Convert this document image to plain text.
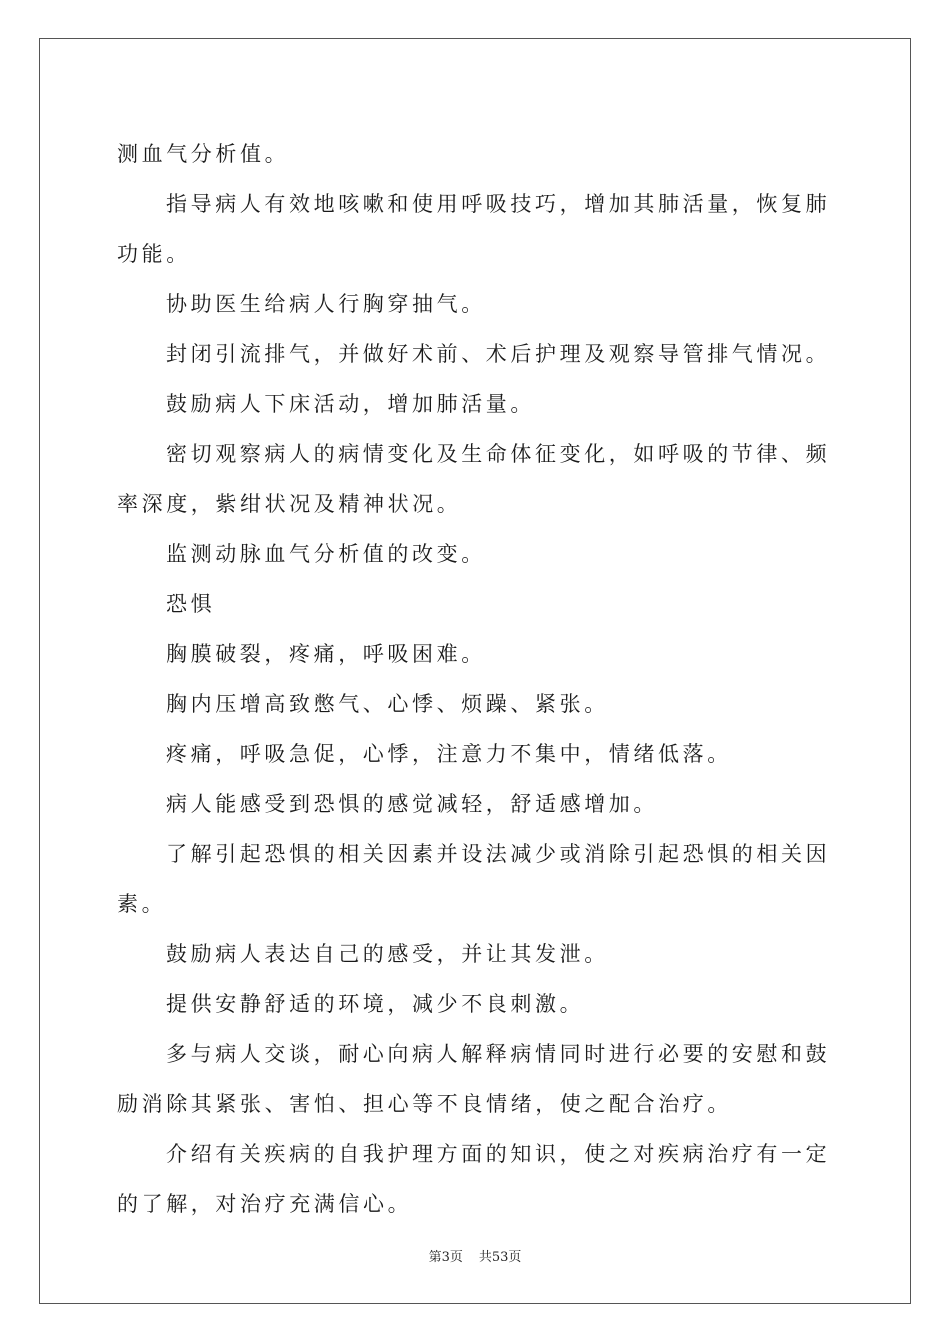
测血气分析值。

指导病人有效地咳嗽和使用呼吸技巧，增加其肺活量，恢复肺功能。

协助医生给病人行胸穿抽气。

封闭引流排气，并做好术前、术后护理及观察导管排气情况。

鼓励病人下床活动，增加肺活量。

密切观察病人的病情变化及生命体征变化，如呼吸的节律、频率深度，紫绀状况及精神状况。

监测动脉血气分析值的改变。

恐惧

胸膜破裂，疼痛，呼吸困难。

胸内压增高致憋气、心悸、烦躁、紧张。

疼痛，呼吸急促，心悸，注意力不集中，情绪低落。

病人能感受到恐惧的感觉减轻，舒适感增加。

了解引起恐惧的相关因素并设法减少或消除引起恐惧的相关因素。

鼓励病人表达自己的感受，并让其发泄。

提供安静舒适的环境，减少不良刺激。

多与病人交谈，耐心向病人解释病情同时进行必要的安慰和鼓励消除其紧张、害怕、担心等不良情绪，使之配合治疗。

介绍有关疾病的自我护理方面的知识，使之对疾病治疗有一定的了解，对治疗充满信心。

第3页 共53页
